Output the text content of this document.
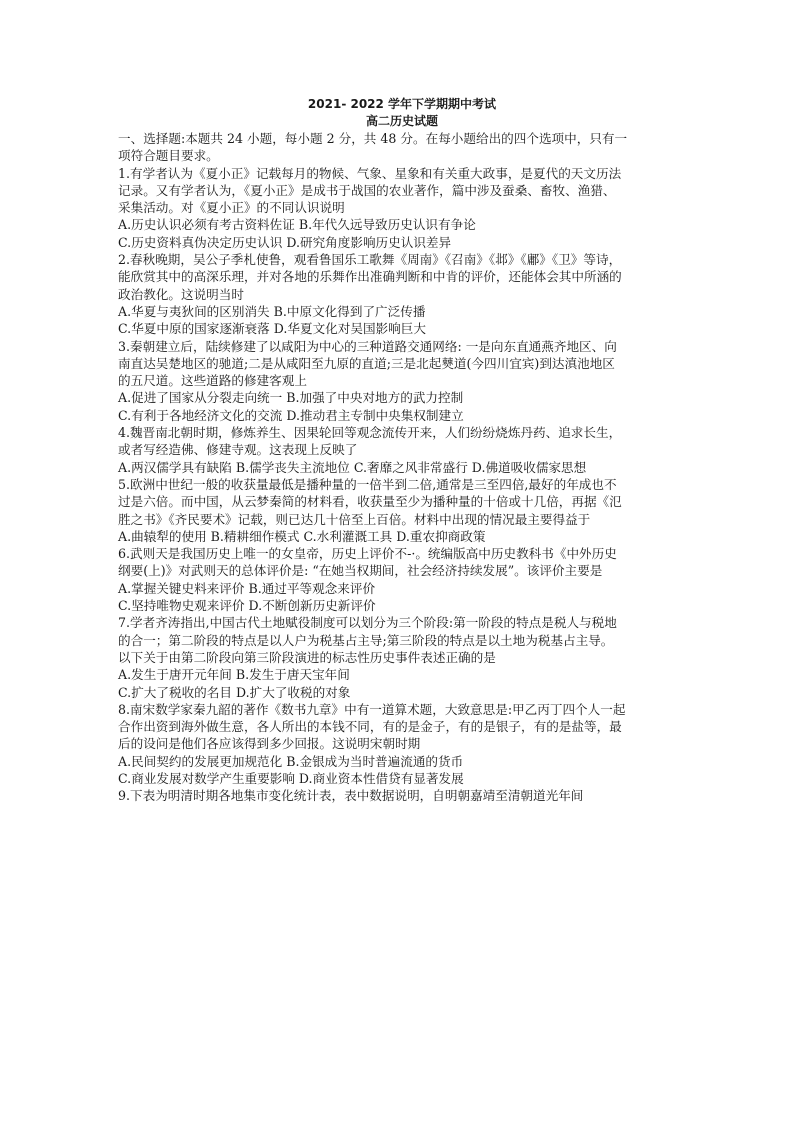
2021- 2022 学年下学期期中考试

高二历史试题

一、选择题:本题共 24 小题，每小题 2 分，共 48 分。在每小题给出的四个选项中，只有一

项符合题目要求。

1.有学者认为《夏小正》记载每月的物候、气象、星象和有关重大政事，是夏代的天文历法

记录。又有学者认为，《夏小正》是成书于战国的农业著作，篇中涉及蚕桑、畜牧、渔猎、

采集活动。对《夏小正》的不同认识说明

A.历史认识必须有考古资料佐证 B.年代久远导致历史认识有争论

C.历史资料真伪决定历史认识 D.研究角度影响历史认识差异

2.春秋晚期，吴公子季札使鲁，观看鲁国乐工歌舞《周南》《召南》《邶》《鄘》《卫》等诗，

能欣赏其中的高深乐理，并对各地的乐舞作出准确判断和中肯的评价，还能体会其中所涵的

政治教化。这说明当时

A.华夏与夷狄间的区别消失 B.中原文化得到了广泛传播

C.华夏中原的国家逐渐衰落 D.华夏文化对吴国影响巨大

3.秦朝建立后，陆续修建了以咸阳为中心的三种道路交通网络: 一是向东直通燕齐地区、向

南直达吴楚地区的驰道;二是从咸阳至九原的直道;三是北起僰道(今四川宜宾)到达滇池地区

的五尺道。这些道路的修建客观上

A.促进了国家从分裂走向统一 B.加强了中央对地方的武力控制

C.有利于各地经济文化的交流 D.推动君主专制中央集权制建立

4.魏晋南北朝时期，修炼养生、因果轮回等观念流传开来，人们纷纷烧炼丹药、追求长生，

或者写经造佛、修建寺观。这表现上反映了

A.两汉儒学具有缺陷 B.儒学丧失主流地位 C.奢靡之风非常盛行 D.佛道吸收儒家思想

5.欧洲中世纪一般的收获量最低是播种量的一倍半到二倍,通常是三至四倍,最好的年成也不

过是六倍。而中国，从云梦秦简的材料看，收获量至少为播种量的十倍或十几倍，再据《氾

胜之书》《齐民要术》记载，则已达几十倍至上百倍。材料中出现的情况最主要得益于

A.曲辕犁的使用 B.精耕细作模式 C.水利灌溉工具 D.重农抑商政策

6.武则天是我国历史上唯一的女皇帝，历史上评价不-·。统编版高中历史教科书《中外历史

纲要(上)》对武则天的总体评价是: “在她当权期间，社会经济持续发展”。该评价主要是

A.掌握关键史料来评价 B.通过平等观念来评价

C.坚持唯物史观来评价 D.不断创新历史新评价

7.学者齐涛指出,中国古代土地赋役制度可以划分为三个阶段:第一阶段的特点是税人与税地

的合一；第二阶段的特点是以人户为税基占主导;第三阶段的特点是以土地为税基占主导。

以下关于由第二阶段向第三阶段演进的标志性历史事件表述正确的是

A.发生于唐开元年间 B.发生于唐天宝年间

C.扩大了税收的名目 D.扩大了收税的对象

8.南宋数学家秦九韶的著作《数书九章》中有一道算术题，大致意思是:甲乙丙丁四个人一起

合作出资到海外做生意，各人所出的本钱不同，有的是金子，有的是银子，有的是盐等，最

后的设问是他们各应该得到多少回报。这说明宋朝时期

A.民间契约的发展更加规范化 B.金银成为当时普遍流通的货币

C.商业发展对数学产生重要影响 D.商业资本性借贷有显著发展

9.下表为明清时期各地集市变化统计表，表中数据说明，自明朝嘉靖至清朝道光年间
